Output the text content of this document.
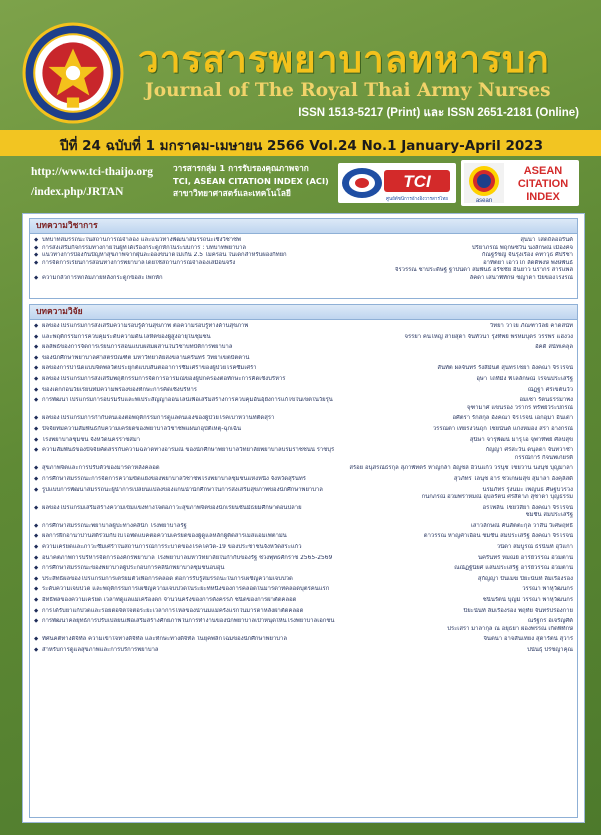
วารสารพยาบาลทหารบก
Journal of The Royal Thai Army Nurses
ISSN 1513-5217 (Print) และ ISSN 2651-2181 (Online)
ปีที่ 24 ฉบับที่ 1 มกราคม-เมษายน 2566 Vol.24 No.1 January-April 2023
http://www.tci-thaijo.org
/index.php/JRTAN
วารสารกลุ่ม 1 การรับรองคุณภาพจาก
TCI, ASEAN CITATION INDEX (ACI)
สาขาวิทยาศาสตร์และเทคโนโลยี
TCI
ศูนย์ดัชนีการอ้างอิงวารสารไทย	asean
ASEAN
CITATION
INDEX
บทความวิชาการ
◆ บทบาทสมรรถนะในสถานการณ์จำลอง และแนวทางพัฒนาสมรรถนะเชิงวิชาชีพ	สุนนา โสดถิลออรินต์
◆ การส่งเสริมกิจกรรมทางกายในผู้ที่ได้เรื่องกระดูกหักในระบบการ : บทบาทพยาบาล	ปริยาภรณ์ พฤกษชีวิน นงลักษณ์ เมืองคีจ
◆ แนวทางการป้องกันปัญหาสุขภาพจากฝุ่นละอองขนาดไม่เกิน 2.5 ไมครอน ในเด็กสำหรับผองกิทยก	กัณฐรัชญ์ จันรุ่งเรือง คทาวุธ ศิปริชา
◆ การจัดการเรียนการสอนทางการพยาบาลโดยใช้สถานการณ์จำลองเสมือนจริง	อาทิตยา เอาวโก ลัดดิพงษ์ พงษ์พันธ์

จิรวรรณ ชาประดิษฐ์ ฐาปนีดา สมพันธ์ อรัชชัย อินยาว นรากร สารีแพลี
◆ ความกลัวการหกล้มภายหลังกระดูกข้อสะโพกหัก	ลัคดา เสนาพิทักษ์ ชญาดา ปิยของโรงรณ์
บทความวิจัย
◆ ผลของโปรแกรมการส่งเสริมความรอบรู้ด้านสุขภาพ ต่อความรอบรู้ทางด้านสุขภาพ	วิทยา วาไย ภัณฑาวัลย์ คาดสนัท
◆ และพฤติกรรมการควบคุมระดับความดันโลหิตของผู้สูงอายุในชุมชน	จรรยา คนไหญ่ สายสุดา จันทัวนา รุ่งทิพย์ พรหมบุตร วรรพร แฮ่งวง
◆ ผลลัพธ์ของการจัดการเรียนการสอนแบบผสมผสานในวิชาบทบัติการพยาบาล	อัคดิ สนัทเคลุล
◆ ของนักศึกษาพยาบาลศาสตรบัณฑิต มหาวิทยาลัยสงขลานครินทร์ วิทยาเขตปัตตานี
◆ ผลของการปานัดแบบจิตพลวัตประยุกต์แบบสั้นต่ออาการซึมเศร้าของผู้ป่วยโรคซึมเศร้า	สันทัต ผลจันทร์ รังสิมันต์ สุนทรไชยา อังคณา จิรโรจน์
◆ ผลของโปรแกรมการส่งเสริมพฤติกรรมการจัดการอารมณ์ของผู้ปกครองต่อทักษะการคิดเชิงบริหาร	อุษา โถทิมัง พิไลลักษณ์ โรจนประเสริฐ
◆ ของเด็กก่อนวัยเรียนที่มีความพร่องของทักษะการคิดเชิงบริหาร	ณัฏฐา ศรีเขต้นวัว
◆ การพัฒนาโปรแกรมการอบรมรับและพีเประสัญญาออนไลน์เพื่อเสริมสร้างการควบคุมอันอุ้ยังการแก้ไขในเขตในวัยรุ่น	อมเซา รัตนธรรมาพง

จุฑามาศ แขนรอง วรากร ทรัพย์วีระปกรณ์
◆ ผลของโปรแกรมการกำกับตนเองต่อพฤติกรรมการดูแลตนเองของผู้ป่วยโรคเบาหวานที่ติดสุรา	อศิตรา รักสกุล อังคณา จิรโรจน์ เอกอุมา อินเด่า
◆ ปัจจัยที่มีความสัมพันธ์กับความเครียดของพยาบาลวิชาชีพแผนกอุบัติเหตุ-ฉุกเฉิน	วรรณีตา เทียรงวนฤก ไชยนันต์ แก่งหมอง สรา อางกรณ์
◆ โรงพยาบาลชุมชน จังหวัดนครราชสีมา	สุนิษา จารุพัฒน์ มารุโอ จุพาทิพย์ ศิลปสุข
◆ ความสัมพันธ์ของปัจจัยคัดสรรกับความฉลาดทางอารมณ์ ของนักศึกษาพยาบาลวิทยาลัยพยาบาลบรมราชชนนี ราชบุรี	กัญญา ศรีสะวัน ดนุลดา จันทวาชำ

กรรณิการ์ กิจนพเกียรติ
◆ สุขภาพจิตและการปรับตัวของมารดาหลังคลอด	สร้อย อนุสรณ์ธีรกุล สุภาพัทตร์ หาญกล้า อัญชลี อิ่วนแก้ว วรนุช ไชยวาน นงนุช บุญมาลา
◆ การศึกษาสมรรถนะการจัดการความขัดแย้งของพยาบาลวิชาชีพโรงพยาบาลชุมชนแห่งหนึ่ง จังหวัดสุรินทร์	สุวภัทร ไลนุช อารี ชีวเกษมสุข สุมาลา อังคุลิสดิ
◆ รูปแบบการพัฒนาสมรรถนะผู้นำการเปลี่ยนแปลงของแกนนำนักศึกษาในการส่งเสริมสุขภาพของนักศึกษาพยาบาล	นรมภัทร รุ่งนมะ เพ็ญนธ ศิษฐบวรวง

กนกภรณ์ อ่วมพราหมณ์ อุบลรัตน์ ศรีสิดาภ สุชาดา บุญธรรม
◆ ผลของโปรแกรมเสริมสร้างความเข้มแข็งทางใจต่อภาวะสุขภาพจิตของนักเรียนชั้นมัธยมศึกษาตอนปลาย	อรไพลิน ไชยวีสิยา อังคณา จิรโรจน์

ชมชื่น สมประเสริฐ
◆ การศึกษาสมรรถนะพยาบาลผู้ปะทางคลินิก โรงพยาบาลรัฐ	เสาวลักษณ์ คันสัตตะกุล วาสินี วิเศษฤทธิ์
◆ ผลการฝึกอานาปานสติร่วมกับไบโอฟีดแบคต่อความเครียดของผู้ดูแลหลักผู้ติดสารเมสแอมเฟตามีน	ดาวรรณ หาญคำเอื้อน ชมชื่น สมประเสริฐ อังคณา จิรโรจน์
◆ ความเครียดและภาวะซึมเศร้าในสถานการณ์การระบาดของโรคโควิด-19 ของประชาชนจังหวัดสระแก้ว	วนิดา สมบูรณ์ ธีรนันท์ อุ่วิแกา
◆ อนาคตภาพการบริหารจัดการองค์กรพยาบาล โรงพยาบาลมหาวิทยาลัยในกำกับของรัฐ ช่วงพุทธศักราช 2565-2569	นครินทร์ หมณีย์ อารีย์วรรณ อ่วมตานี
◆ การศึกษาสมรรถนะของพยาบาลผู้ประกอบการคลินิกพยาบาลชุมชนอบอุ่น	ณณัฏฐ์นิยศ แสนประเสริฐ อารีย์วรรณ อ่วมตานี
◆ ประสิทธิผลของโปรแกรมการเตรียมตัวเพื่อการคลอด ต่อการรับรู้สมรรถนะในการเผชิญความเจ็บปวด	สุกัญญา ปั้นเมฆ ปิยะนันท์ ลิ้มเรืองรอง
◆ ระดับความเจ็บปวด และพฤติกรรมการเผชิญความเจ็บปวดในระยะที่หนึ่งของการคลอดในมารดาที่คลอดบุตรคนแรก	วรรณา พาหุวัฒนกร
◆ อิทธิพลของความเครียด เวลาที่ดูแลแม่เครื่องดก จำนวนครั้งของการตั้งครรภ์ ชนิดของการผ่าตัดคลอด	ชนินรัตน์ บุญมี วรรณา พาหุวัฒนกร
◆ การได้รับยาแก้ปวดและรอยด่อจิตใจต่อระยะเวลาการไหลของน้ำนมแม่ครั้งแรกในมารดาหลังผ่าตัดคลอด	ปิยะนันท์ ลิ้มเรืองรอง พฤทัย จันทร์ปร่องกาย
◆ การพัฒนาคลยุทธ์การปรับเปลี่ยนเพื่อเสริมสร้างศักยภาพในการทำงานของนักพยาบาลเป้าหนุดให้นโรงพยาบาลเอกชน	ณรัฐกร อีเจริญศิต์

ประเสรา มาลากุล ณ อยุธยา ผ่องพรรณ เกิดพิทักษ์
◆ ทัศนคติทางดิจิทัล ความเข้าใจทางดิจิทัล และทักษะทางดิจิทัล ในยุคพลิกโฉมของนักศึกษาพยาบาล	จินตนา อาจสันเที่ยง สุดารัตน์ สุวารี
◆ สำหรับการดูแลสุขภาพและการบริการพยาบาล	ปนันธุ์ ปรีชญาคุณ
